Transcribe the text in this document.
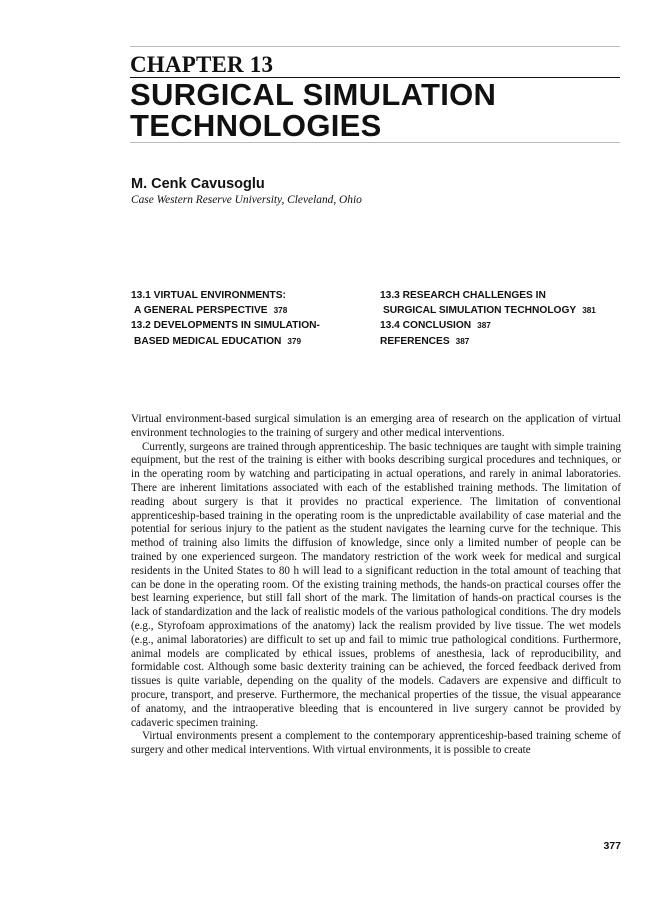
CHAPTER 13
SURGICAL SIMULATION
TECHNOLOGIES
M. Cenk Cavusoglu
Case Western Reserve University, Cleveland, Ohio
13.1 VIRTUAL ENVIRONMENTS:
A GENERAL PERSPECTIVE 378
13.2 DEVELOPMENTS IN SIMULATION-
BASED MEDICAL EDUCATION 379
13.3 RESEARCH CHALLENGES IN
SURGICAL SIMULATION TECHNOLOGY 381
13.4 CONCLUSION 387
REFERENCES 387

Virtual environment-based surgical simulation is an emerging area of research on the application of virtual environment technologies to the training of surgery and other medical interventions.

Currently, surgeons are trained through apprenticeship. The basic techniques are taught with simple training equipment, but the rest of the training is either with books describing surgical procedures and techniques, or in the operating room by watching and participating in actual operations, and rarely in animal laboratories. There are inherent limitations associated with each of the established training methods. The limitation of reading about surgery is that it provides no practical experience. The limitation of conventional apprenticeship-based training in the operating room is the unpredictable availability of case material and the potential for serious injury to the patient as the student navigates the learning curve for the technique. This method of training also limits the diffusion of knowledge, since only a limited number of people can be trained by one experienced surgeon. The mandatory restriction of the work week for medical and surgical residents in the United States to 80 h will lead to a significant reduction in the total amount of teaching that can be done in the operating room. Of the existing training methods, the hands-on practical courses offer the best learning experience, but still fall short of the mark. The limitation of hands-on practical courses is the lack of standardization and the lack of realistic models of the various pathological conditions. The dry models (e.g., Styrofoam approximations of the anatomy) lack the realism provided by live tissue. The wet models (e.g., animal laboratories) are difficult to set up and fail to mimic true pathological conditions. Furthermore, animal models are complicated by ethical issues, problems of anesthesia, lack of reproducibility, and formidable cost. Although some basic dexterity training can be achieved, the forced feedback derived from tissues is quite variable, depending on the quality of the models. Cadavers are expensive and difficult to procure, transport, and preserve. Furthermore, the mechanical properties of the tissue, the visual appearance of anatomy, and the intraoperative bleeding that is encountered in live surgery cannot be provided by cadaveric specimen training.

Virtual environments present a complement to the contemporary apprenticeship-based training scheme of surgery and other medical interventions. With virtual environments, it is possible to create

377
